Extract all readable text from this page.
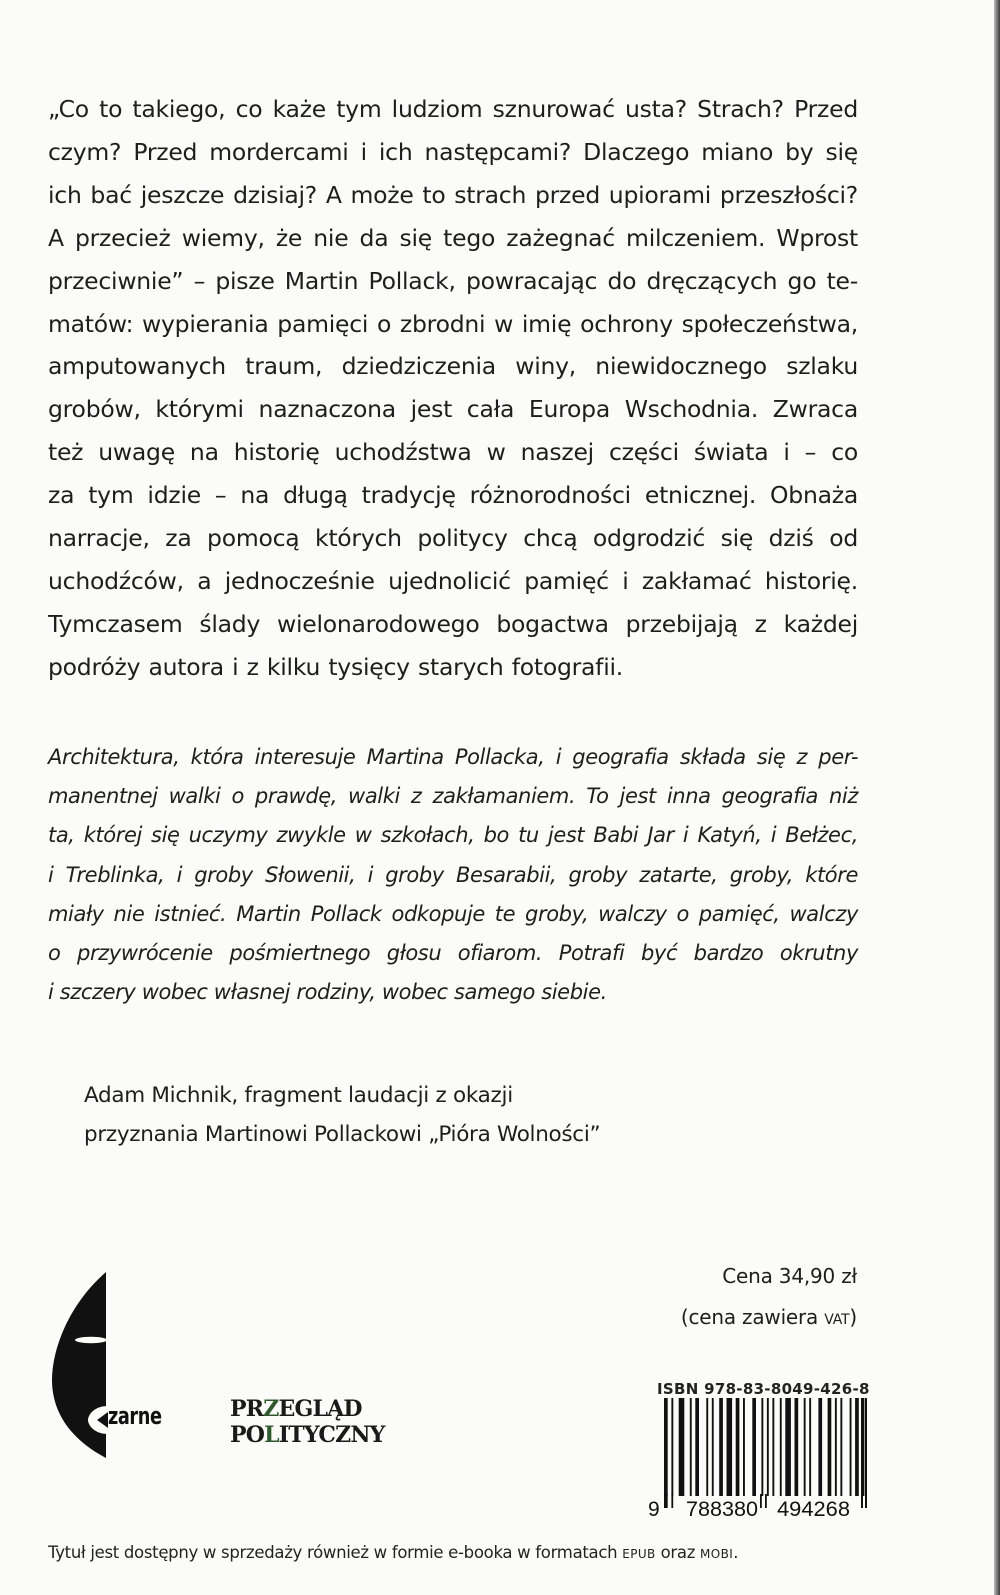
„Co to takiego, co każe tym ludziom sznurować usta? Strach? Przed
czym? Przed mordercami i ich następcami? Dlaczego miano by się
ich bać jeszcze dzisiaj? A może to strach przed upiorami przeszłości?
A przecież wiemy, że nie da się tego zażegnać milczeniem. Wprost
przeciwnie” – pisze Martin Pollack, powracając do dręczących go te-
matów: wypierania pamięci o zbrodni w imię ochrony społeczeństwa,
amputowanych traum, dziedziczenia winy, niewidocznego szlaku
grobów, którymi naznaczona jest cała Europa Wschodnia. Zwraca
też uwagę na historię uchodźstwa w naszej części świata i – co
za tym idzie – na długą tradycję różnorodności etnicznej. Obnaża
narracje, za pomocą których politycy chcą odgrodzić się dziś od
uchodźców, a jednocześnie ujednolicić pamięć i zakłamać historię.
Tymczasem ślady wielonarodowego bogactwa przebijają z każdej
podróży autora i z kilku tysięcy starych fotografii.
Architektura, która interesuje Martina Pollacka, i geografia składa się z per-
manentnej walki o prawdę, walki z zakłamaniem. To jest inna geografia niż
ta, której się uczymy zwykle w szkołach, bo tu jest Babi Jar i Katyń, i Bełżec,
i Treblinka, i groby Słowenii, i groby Besarabii, groby zatarte, groby, które
miały nie istnieć. Martin Pollack odkopuje te groby, walczy o pamięć, walczy
o przywrócenie pośmiertnego głosu ofiarom. Potrafi być bardzo okrutny
i szczery wobec własnej rodziny, wobec samego siebie.
Adam Michnik, fragment laudacji z okazji
przyznania Martinowi Pollackowi „Pióra Wolności”
zarne	PRZEGLĄD
POLITYCZNY
Cena 34,90 zł
(cena zawiera vat)
ISBN 978-83-8049-426-8
9 788380 494268
Tytuł jest dostępny w sprzedaży również w formie e-booka w formatach epub oraz mobi.
